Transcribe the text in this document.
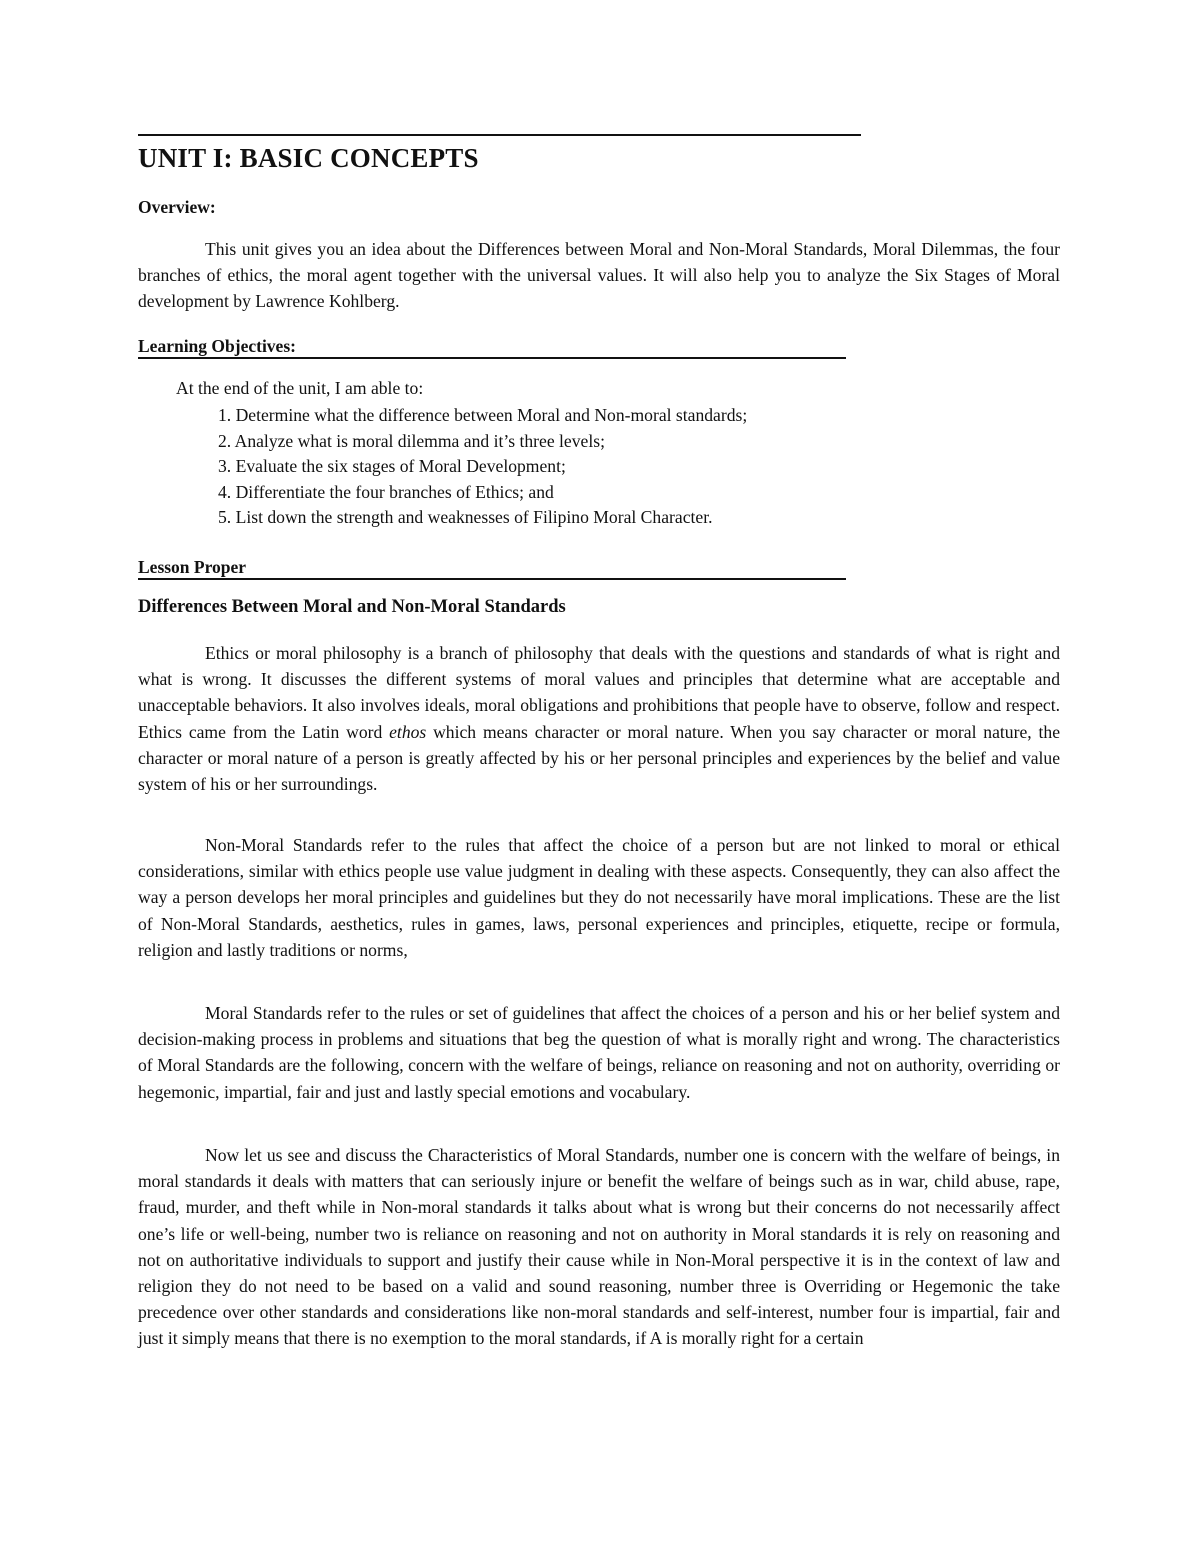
UNIT I: BASIC CONCEPTS
Overview:

This unit gives you an idea about the Differences between Moral and Non-Moral Standards, Moral Dilemmas, the four branches of ethics, the moral agent together with the universal values. It will also help you to analyze the Six Stages of Moral development by Lawrence Kohlberg.

Learning Objectives:
At the end of the unit, I am able to:
1. Determine what the difference between Moral and Non-moral standards;
2. Analyze what is moral dilemma and it’s three levels;
3. Evaluate the six stages of Moral Development;
4. Differentiate the four branches of Ethics; and
5. List down the strength and weaknesses of Filipino Moral Character.
Lesson Proper
Differences Between Moral and Non-Moral Standards

Ethics or moral philosophy is a branch of philosophy that deals with the questions and standards of what is right and what is wrong. It discusses the different systems of moral values and principles that determine what are acceptable and unacceptable behaviors. It also involves ideals, moral obligations and prohibitions that people have to observe, follow and respect. Ethics came from the Latin word ethos which means character or moral nature. When you say character or moral nature, the character or moral nature of a person is greatly affected by his or her personal principles and experiences by the belief and value system of his or her surroundings.

Non-Moral Standards refer to the rules that affect the choice of a person but are not linked to moral or ethical considerations, similar with ethics people use value judgment in dealing with these aspects. Consequently, they can also affect the way a person develops her moral principles and guidelines but they do not necessarily have moral implications. These are the list of Non-Moral Standards, aesthetics, rules in games, laws, personal experiences and principles, etiquette, recipe or formula, religion and lastly traditions or norms,

Moral Standards refer to the rules or set of guidelines that affect the choices of a person and his or her belief system and decision-making process in problems and situations that beg the question of what is morally right and wrong. The characteristics of Moral Standards are the following, concern with the welfare of beings, reliance on reasoning and not on authority, overriding or hegemonic, impartial, fair and just and lastly special emotions and vocabulary.

Now let us see and discuss the Characteristics of Moral Standards, number one is concern with the welfare of beings, in moral standards it deals with matters that can seriously injure or benefit the welfare of beings such as in war, child abuse, rape, fraud, murder, and theft while in Non-moral standards it talks about what is wrong but their concerns do not necessarily affect one’s life or well-being, number two is reliance on reasoning and not on authority in Moral standards it is rely on reasoning and not on authoritative individuals to support and justify their cause while in Non-Moral perspective it is in the context of law and religion they do not need to be based on a valid and sound reasoning, number three is Overriding or Hegemonic the take precedence over other standards and considerations like non-moral standards and self-interest, number four is impartial, fair and just it simply means that there is no exemption to the moral standards, if A is morally right for a certain
